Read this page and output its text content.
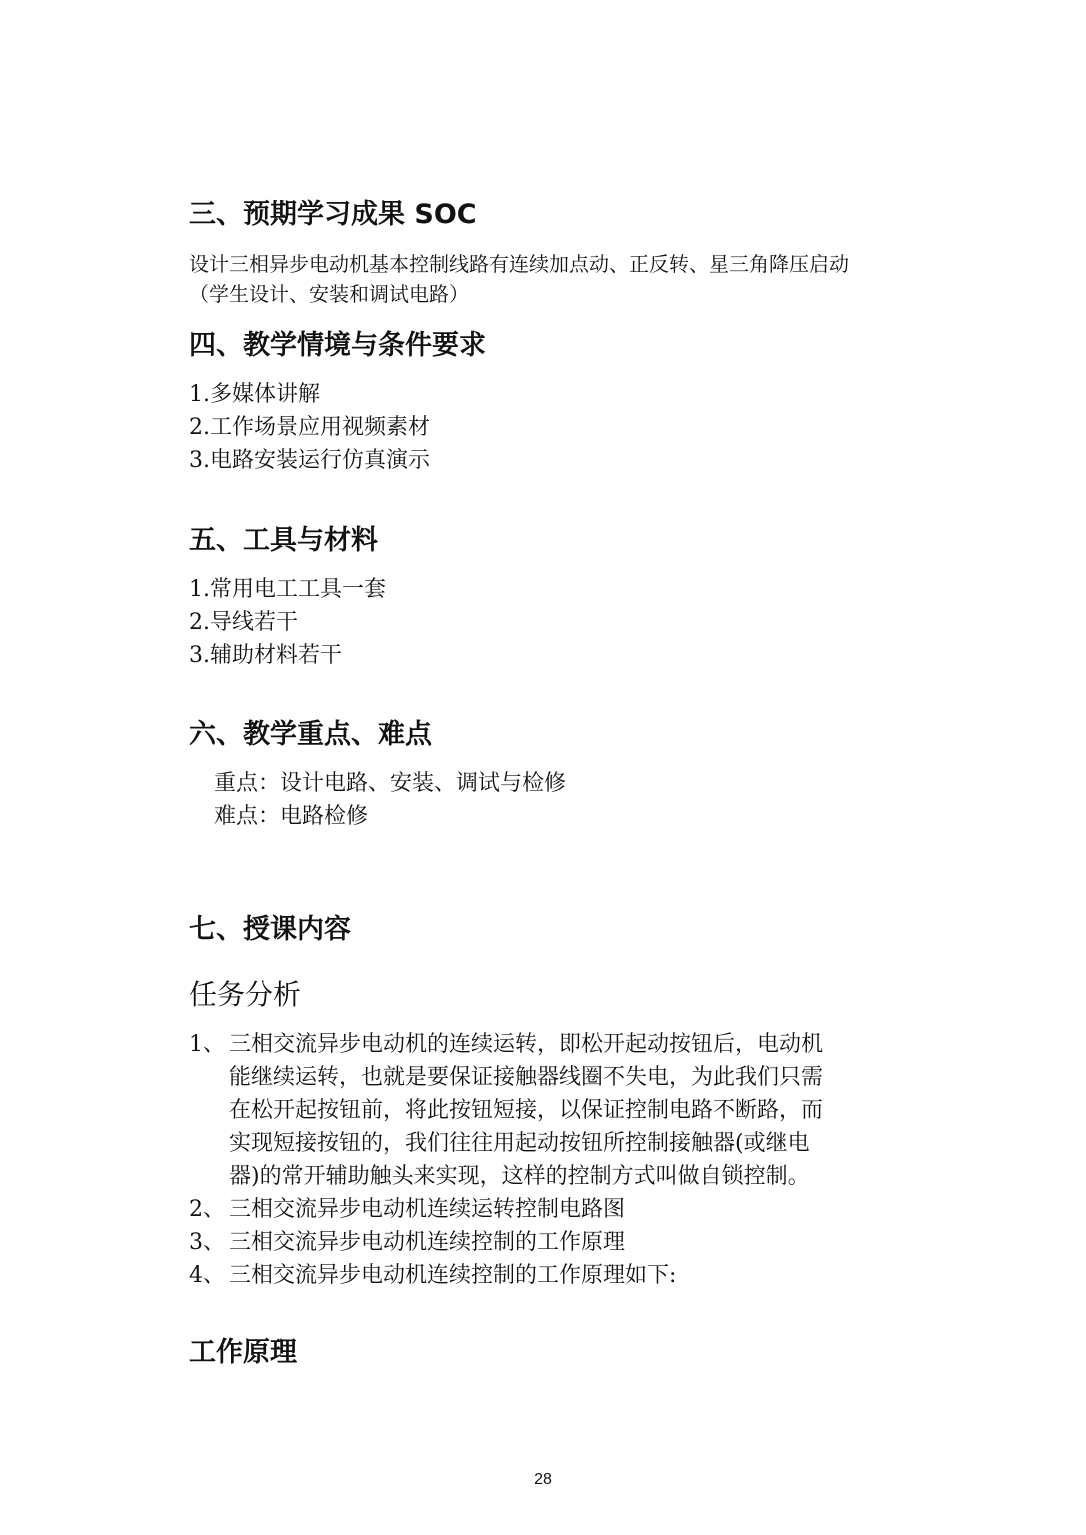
三、预期学习成果 SOC
设计三相异步电动机基本控制线路有连续加点动、正反转、星三角降压启动
（学生设计、安装和调试电路）
四、教学情境与条件要求
1.多媒体讲解
2.工作场景应用视频素材
3.电路安装运行仿真演示
五、工具与材料
1.常用电工工具一套
2.导线若干
3.辅助材料若干
六、教学重点、难点
重点：设计电路、安装、调试与检修
难点：电路检修
七、授课内容
任务分析
1、 三相交流异步电动机的连续运转，即松开起动按钮后，电动机
能继续运转，也就是要保证接触器线圈不失电，为此我们只需
在松开起按钮前，将此按钮短接，以保证控制电路不断路，而
实现短接按钮的，我们往往用起动按钮所控制接触器(或继电
器)的常开辅助触头来实现，这样的控制方式叫做自锁控制。
2、 三相交流异步电动机连续运转控制电路图
3、 三相交流异步电动机连续控制的工作原理
4、 三相交流异步电动机连续控制的工作原理如下:
工作原理
28
